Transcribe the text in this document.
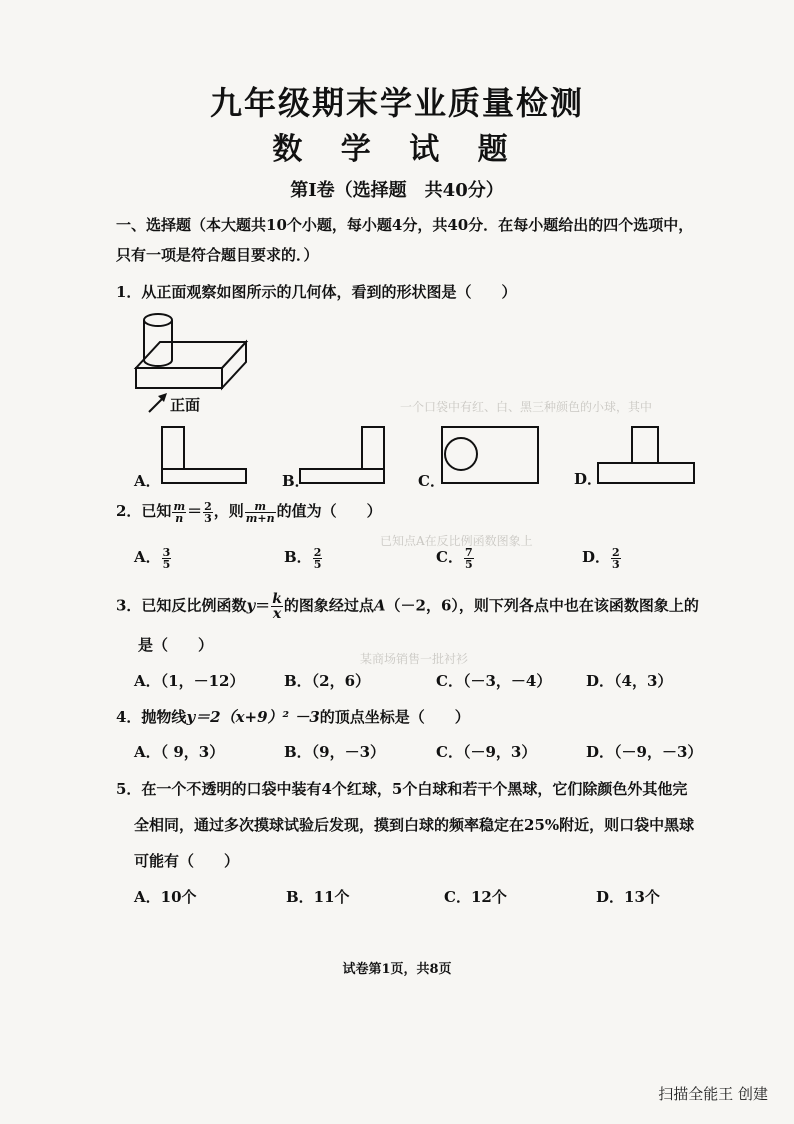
九年级期末学业质量检测
数 学 试 题
第Ⅰ卷（选择题　共40分）
一个口袋中有红、白、黑三种颜色的小球，其中
已知点A在反比例函数图象上
某商场销售一批衬衫
一、选择题（本大题共10个小题，每小题4分，共40分．在每小题给出的四个选项中，
只有一项是符合题目要求的．）
1．从正面观察如图所示的几何体，看到的形状图是（　　）
正面
A．	B．	C．	D．
2．已知 $\frac{m}{n} = \frac{2}{3}$ ，则 $\frac{m}{m+n}$ 的值为（　　）
A． $\frac{3}{5}$	B． $\frac{2}{5}$	C． $\frac{7}{5}$	D． $\frac{2}{3}$
3．已知反比例函数$y= \frac{k}{x}$ 的图象经过点A（－2，6），则下列各点中也在该函数图象上的
是（　　）
A．（1，－12）	B．（2，6）	C．（－3，－4） D．（4，3）
4．抛物线y＝2（x+9）² －3的顶点坐标是（　　）
A．（ 9，3）	B．（9，－3）	C．（－9，3）	D．（－9，－3）
5．在一个不透明的口袋中装有4个红球，5个白球和若干个黑球，它们除颜色外其他完
全相同，通过多次摸球试验后发现，摸到白球的频率稳定在25%附近，则口袋中黑球
可能有（　　）
A．10个	B．11个	C．12个	D．13个
试卷第1页，共8页
扫描全能王 创建
